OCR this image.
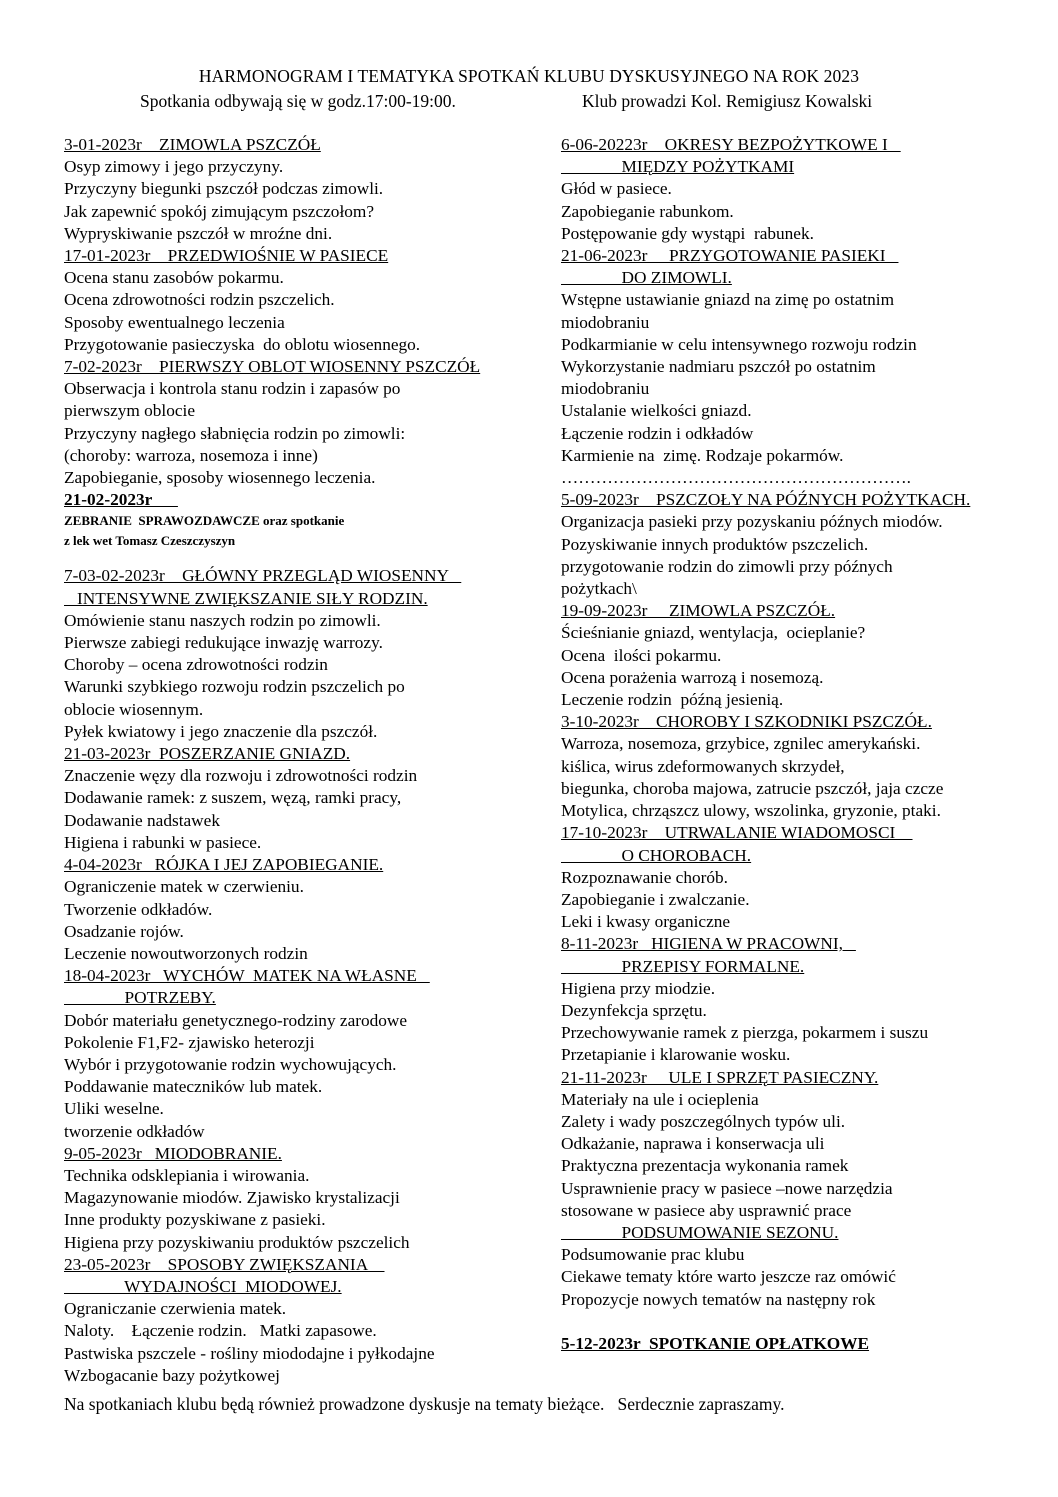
HARMONOGRAM I TEMATYKA SPOTKAŃ KLUBU DYSKUSYJNEGO NA ROK 2023
Spotkania odbywają się w godz.17:00-19:00.	Klub prowadzi Kol. Remigiusz Kowalski
3-01-2023r    ZIMOWLA PSZCZÓŁ
Osyp zimowy i jego przyczyny.
Przyczyny biegunki pszczół podczas zimowli.
Jak zapewnić spokój zimującym pszczołom?
Wypryskiwanie pszczół w mroźne dni.
17-01-2023r    PRZEDWIOŚNIE W PASIECE
Ocena stanu zasobów pokarmu.
Ocena zdrowotności rodzin pszczelich.
Sposoby ewentualnego leczenia
Przygotowanie pasieczyska  do oblotu wiosennego.
7-02-2023r    PIERWSZY OBLOT WIOSENNY PSZCZÓŁ
Obserwacja i kontrola stanu rodzin i zapasów po
pierwszym oblocie
Przyczyny nagłego słabnięcia rodzin po zimowli:
(choroby: warroza, nosemoza i inne)
Zapobieganie, sposoby wiosennego leczenia.
21-02-2023r
ZEBRANIE  SPRAWOZDAWCZE oraz spotkanie
z lek wet Tomasz Czeszczyszyn
7-03-02-2023r    GŁÓWNY PRZEGLĄD WIOSENNY
INTENSYWNE ZWIĘKSZANIE SIŁY RODZIN.
Omówienie stanu naszych rodzin po zimowli.
Pierwsze zabiegi redukujące inwazję warrozy.
Choroby – ocena zdrowotności rodzin
Warunki szybkiego rozwoju rodzin pszczelich po
oblocie wiosennym.
Pyłek kwiatowy i jego znaczenie dla pszczół.
21-03-2023r  POSZERZANIE GNIAZD.
Znaczenie węzy dla rozwoju i zdrowotności rodzin
Dodawanie ramek: z suszem, węzą, ramki pracy,
Dodawanie nadstawek
Higiena i rabunki w pasiece.
4-04-2023r   RÓJKA I JEJ ZAPOBIEGANIE.
Ograniczenie matek w czerwieniu.
Tworzenie odkładów.
Osadzanie rojów.
Leczenie nowoutworzonych rodzin
18-04-2023r   WYCHÓW  MATEK NA WŁASNE
POTRZEBY.
Dobór materiału genetycznego-rodziny zarodowe
Pokolenie F1,F2- zjawisko heterozji
Wybór i przygotowanie rodzin wychowujących.
Poddawanie mateczników lub matek.
Uliki weselne.
tworzenie odkładów
9-05-2023r   MIODOBRANIE.
Technika odsklepiania i wirowania.
Magazynowanie miodów. Zjawisko krystalizacji
Inne produkty pozyskiwane z pasieki.
Higiena przy pozyskiwaniu produktów pszczelich
23-05-2023r    SPOSOBY ZWIĘKSZANIA
WYDAJNOŚCI  MIODOWEJ.
Ograniczanie czerwienia matek.
Naloty.    Łączenie rodzin.   Matki zapasowe.
Pastwiska pszczele - rośliny miododajne i pyłkodajne
Wzbogacanie bazy pożytkowej
6-06-20223r    OKRESY BEZPOŻYTKOWE I
MIĘDZY POŻYTKAMI
Głód w pasiece.
Zapobieganie rabunkom.
Postępowanie gdy wystąpi  rabunek.
21-06-2023r     PRZYGOTOWANIE PASIEKI
DO ZIMOWLI.
Wstępne ustawianie gniazd na zimę po ostatnim
miodobraniu
Podkarmianie w celu intensywnego rozwoju rodzin
Wykorzystanie nadmiaru pszczół po ostatnim
miodobraniu
Ustalanie wielkości gniazd.
Łączenie rodzin i odkładów
Karmienie na  zimę. Rodzaje pokarmów.
…………………………………………………….
5-09-2023r    PSZCZOŁY NA PÓŹNYCH POŻYTKACH.
Organizacja pasieki przy pozyskaniu późnych miodów.
Pozyskiwanie innych produktów pszczelich.
przygotowanie rodzin do zimowli przy późnych
pożytkach\
19-09-2023r     ZIMOWLA PSZCZÓŁ.
Ścieśnianie gniazd, wentylacja,  ocieplanie?
Ocena  ilości pokarmu.
Ocena porażenia warrozą i nosemozą.
Leczenie rodzin  późną jesienią.
3-10-2023r    CHOROBY I SZKODNIKI PSZCZÓŁ.
Warroza, nosemoza, grzybice, zgnilec amerykański.
kiślica, wirus zdeformowanych skrzydeł,
biegunka, choroba majowa, zatrucie pszczół, jaja czcze
Motylica, chrząszcz ulowy, wszolinka, gryzonie, ptaki.
17-10-2023r    UTRWALANIE WIADOMOSCI
O CHOROBACH.
Rozpoznawanie chorób.
Zapobieganie i zwalczanie.
Leki i kwasy organiczne
8-11-2023r   HIGIENA W PRACOWNI,
PRZEPISY FORMALNE.
Higiena przy miodzie.
Dezynfekcja sprzętu.
Przechowywanie ramek z pierzga, pokarmem i suszu
Przetapianie i klarowanie wosku.
21-11-2023r     ULE I SPRZĘT PASIECZNY.
Materiały na ule i ocieplenia
Zalety i wady poszczególnych typów uli.
Odkażanie, naprawa i konserwacja uli
Praktyczna prezentacja wykonania ramek
Usprawnienie pracy w pasiece –nowe narzędzia
stosowane w pasiece aby usprawnić prace
PODSUMOWANIE SEZONU.
Podsumowanie prac klubu
Ciekawe tematy które warto jeszcze raz omówić
Propozycje nowych tematów na następny rok
5-12-2023r  SPOTKANIE OPŁATKOWE
Na spotkaniach klubu będą również prowadzone dyskusje na tematy bieżące.   Serdecznie zapraszamy.
